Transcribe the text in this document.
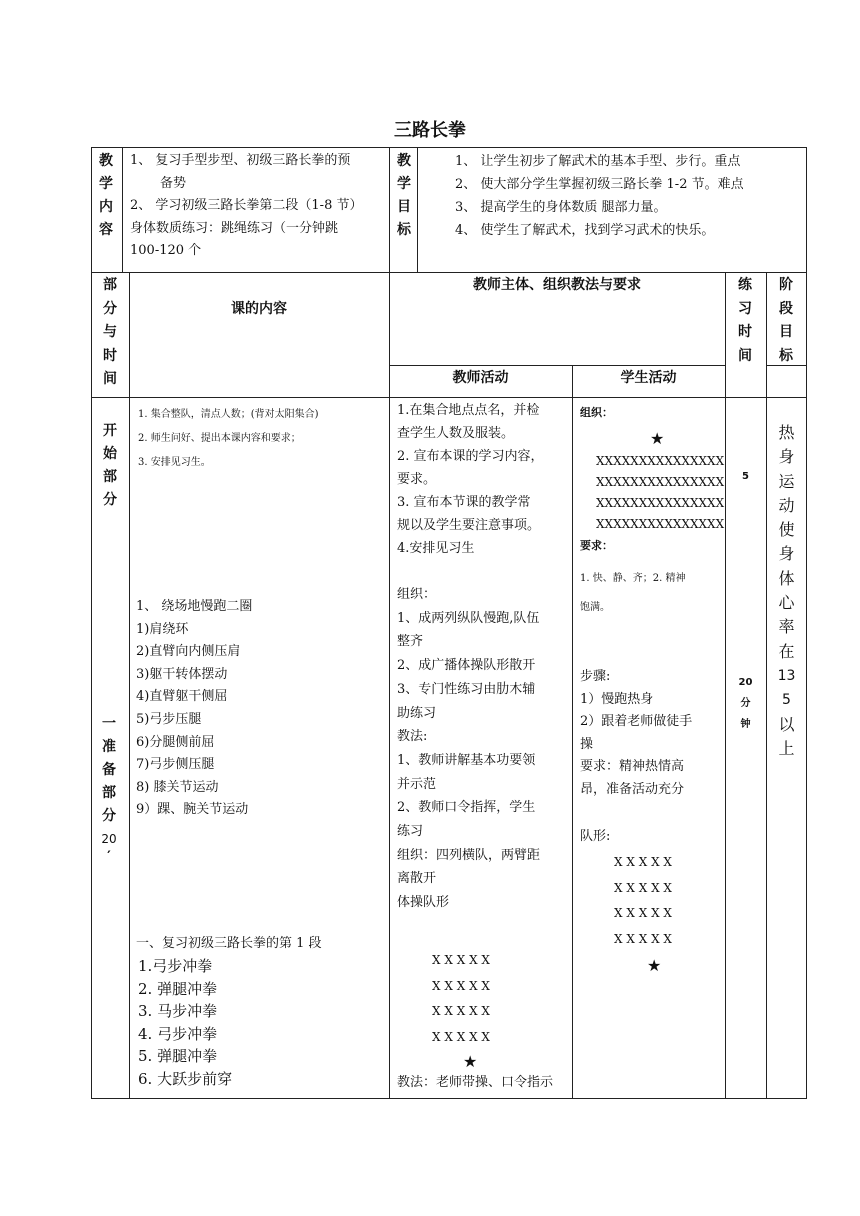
三路长拳
教
学
内
容
1、 复习手型步型、初级三路长拳的预
备势
2、 学习初级三路长拳第二段（1-8 节）
身体数质练习：跳绳练习（一分钟跳
100-120 个
教
学
目
标
1、 让学生初步了解武术的基本手型、步行。重点
2、 使大部分学生掌握初级三路长拳 1-2 节。难点
3、 提高学生的身体数质 腿部力量。
4、 使学生了解武术，找到学习武术的快乐。
部
分
与
时
间
课的内容
教师主体、组织教法与要求
教师活动	学生活动
练
习
时
间
阶
段
目
标
开
始
部
分
一
准
备
部
分
20
′
1. 集合整队，清点人数；(背对太阳集合)
2. 师生问好、提出本课内容和要求；
3. 安排见习生。
1、 绕场地慢跑二圈
1)肩绕环
2)直臂向内侧压肩
3)躯干转体摆动
4)直臂躯干侧屈
5)弓步压腿
6)分腿侧前屈
7)弓步侧压腿
8) 膝关节运动
9）踝、腕关节运动
一、复习初级三路长拳的第 1 段
1.弓步冲拳
2. 弹腿冲拳
3. 马步冲拳
4. 弓步冲拳
5. 弹腿冲拳
6. 大跃步前穿
1.在集合地点点名，并检
查学生人数及服装。
2. 宣布本课的学习内容，
要求。
3. 宣布本节课的教学常
规以及学生要注意事项。
4.安排见习生
组织：
1、成两列纵队慢跑,队伍
整齐
2、成广播体操队形散开
3、专门性练习由肋木辅
助练习
教法:
1、教师讲解基本功要领
并示范
2、教师口令指挥，学生
练习
组织：四列横队，两臂距
离散开
体操队形
X X X X X
X X X X X
X X X X X
X X X X X
★
教法：老师带操、口令指示
组织：
★
XXXXXXXXXXXXXXX
XXXXXXXXXXXXXXX
XXXXXXXXXXXXXXX
XXXXXXXXXXXXXXX
要求：
1. 快、静、齐；2. 精神
饱满。
步骤:
1）慢跑热身
2）跟着老师做徒手
操
要求：精神热情高
昂，准备活动充分
队形:
X X X X X
X X X X X
X X X X X
X X X X X
★
5
20
分
钟
热
身
运
动
使
身
体
心
率
在
13
5
以
上
